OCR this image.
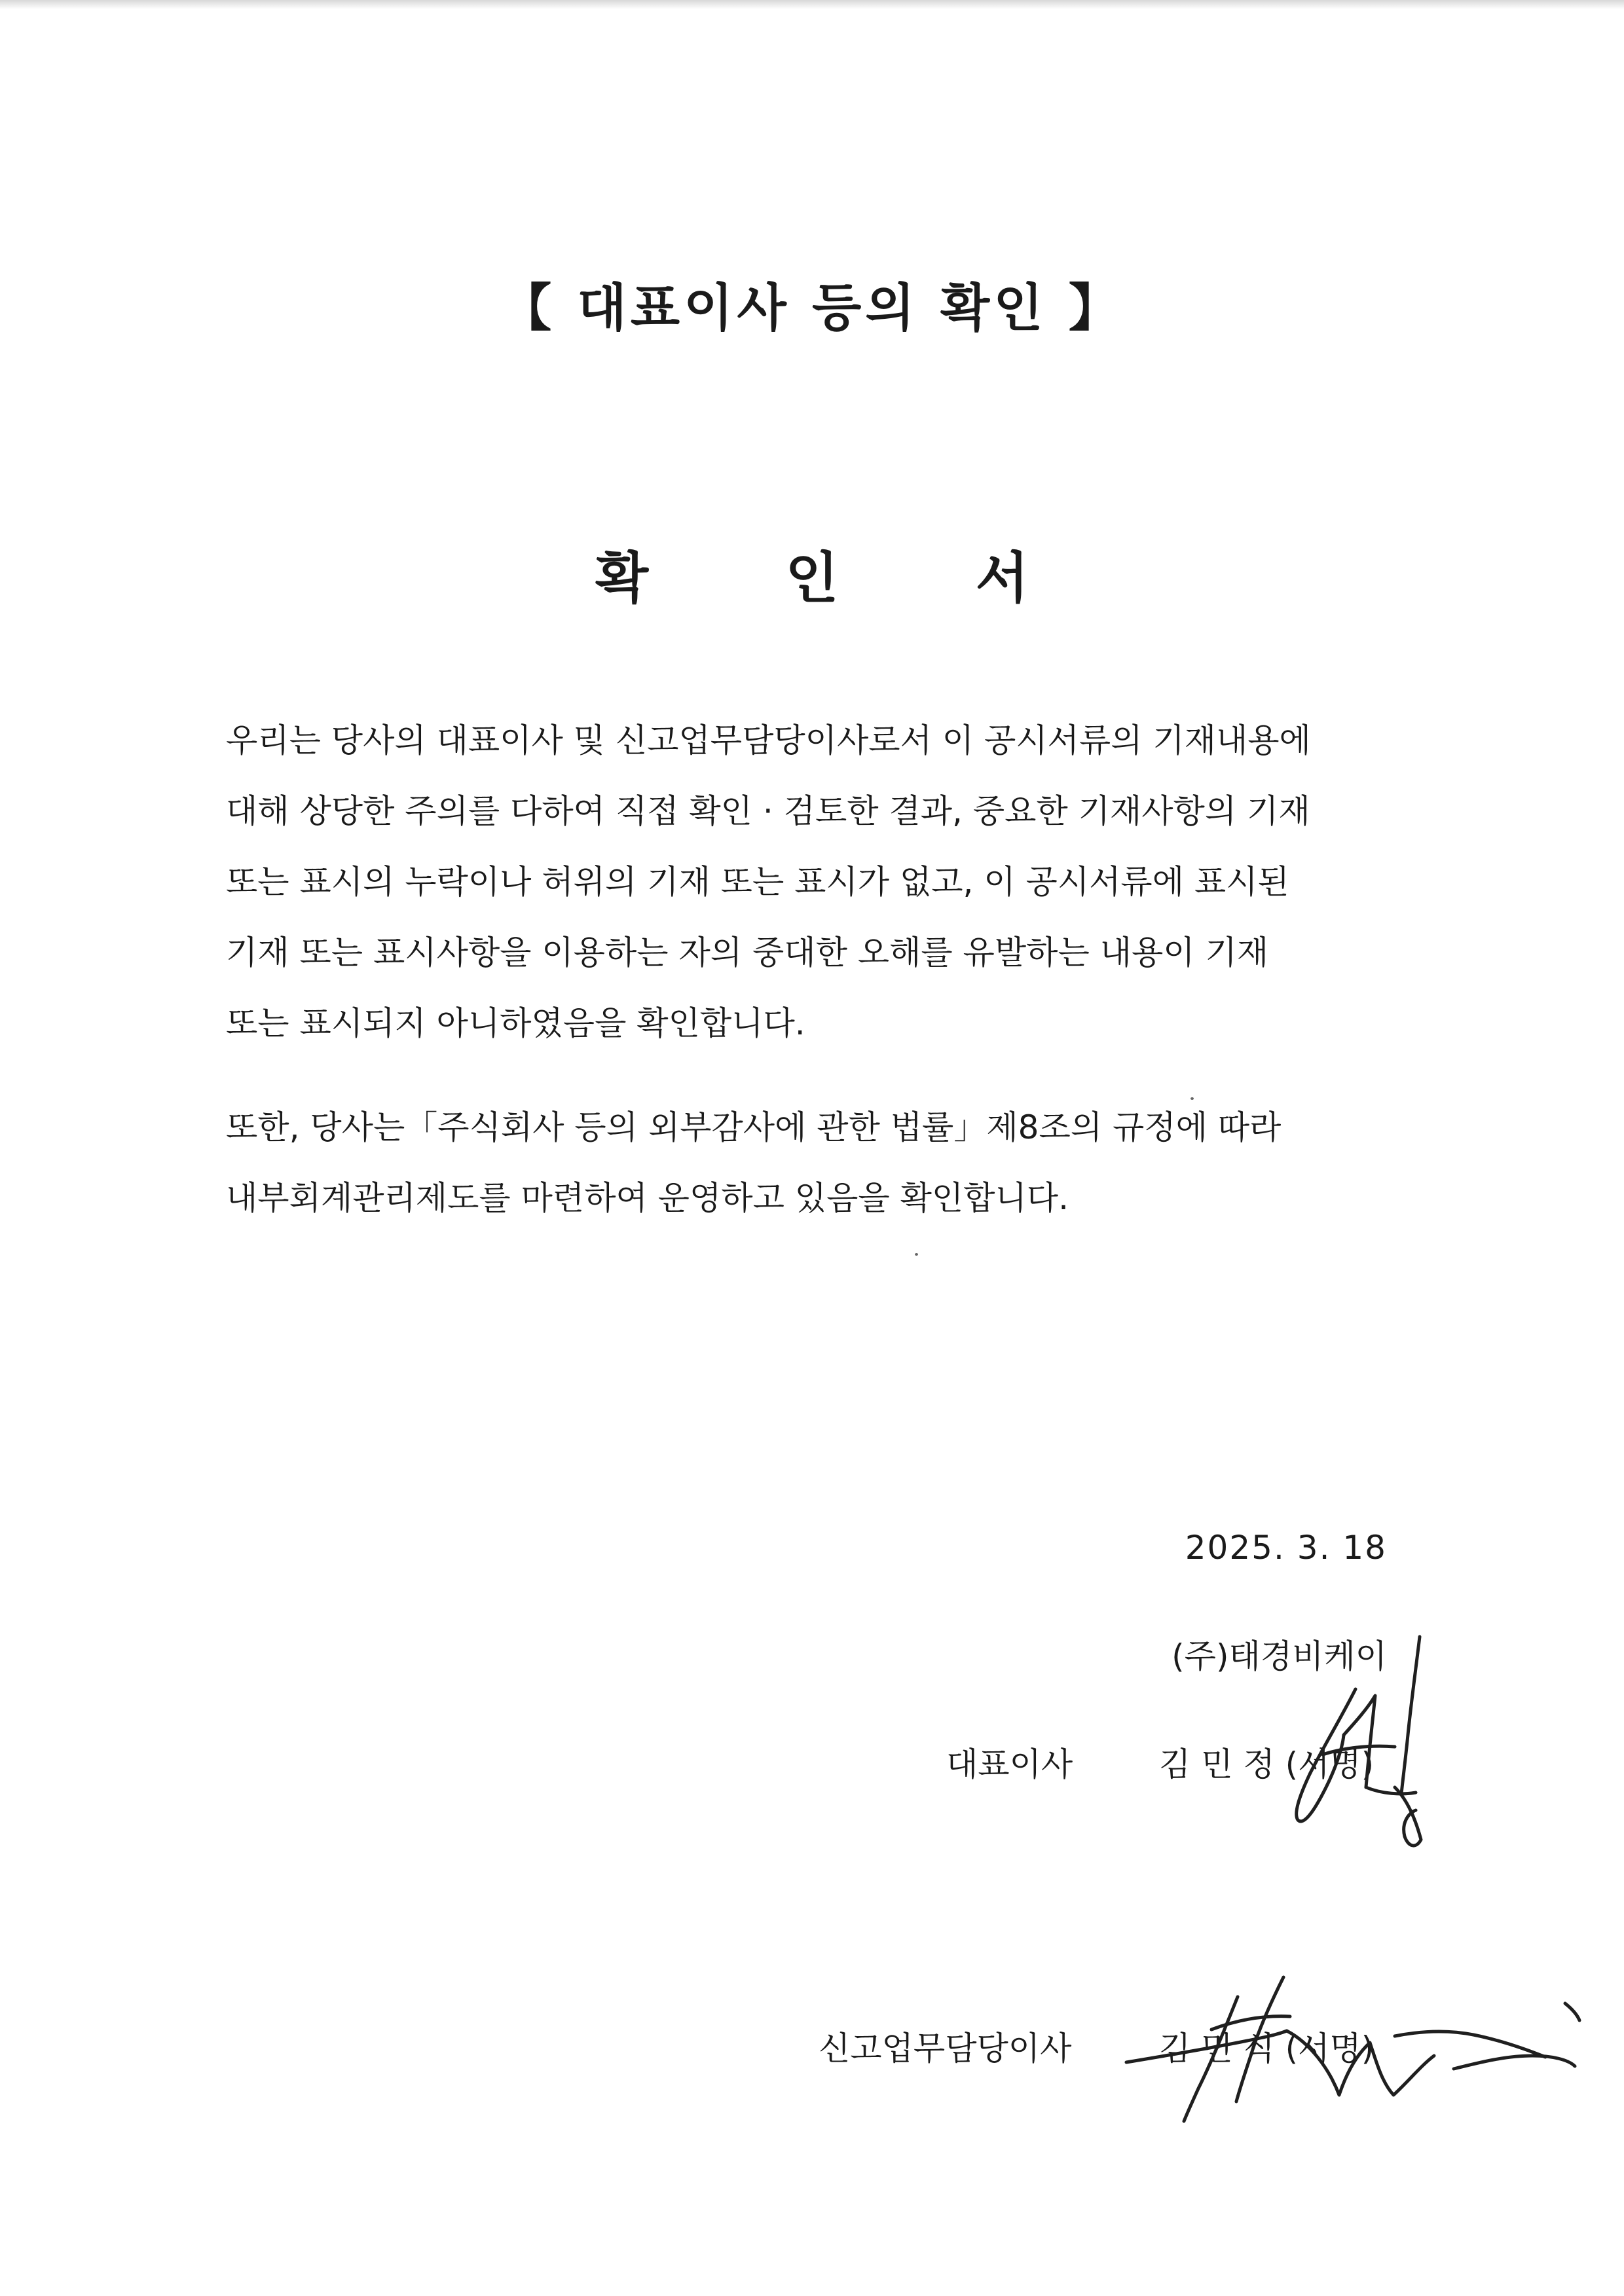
【 대표이사 등의 확인 】
확 인 서

우리는 당사의 대표이사 및 신고업무담당이사로서 이 공시서류의 기재내용에
대해 상당한 주의를 다하여 직접 확인 · 검토한 결과, 중요한 기재사항의 기재
또는 표시의 누락이나 허위의 기재 또는 표시가 없고, 이 공시서류에 표시된
기재 또는 표시사항을 이용하는 자의 중대한 오해를 유발하는 내용이 기재
또는 표시되지 아니하였음을 확인합니다.

또한, 당사는「주식회사 등의 외부감사에 관한 법률」제8조의 규정에 따라
내부회계관리제도를 마련하여 운영하고 있음을 확인합니다.

2025. 3. 18
(주)태경비케이
대표이사	김 민 정 (서명)
신고업무담당이사	김 민 식 (서명)
